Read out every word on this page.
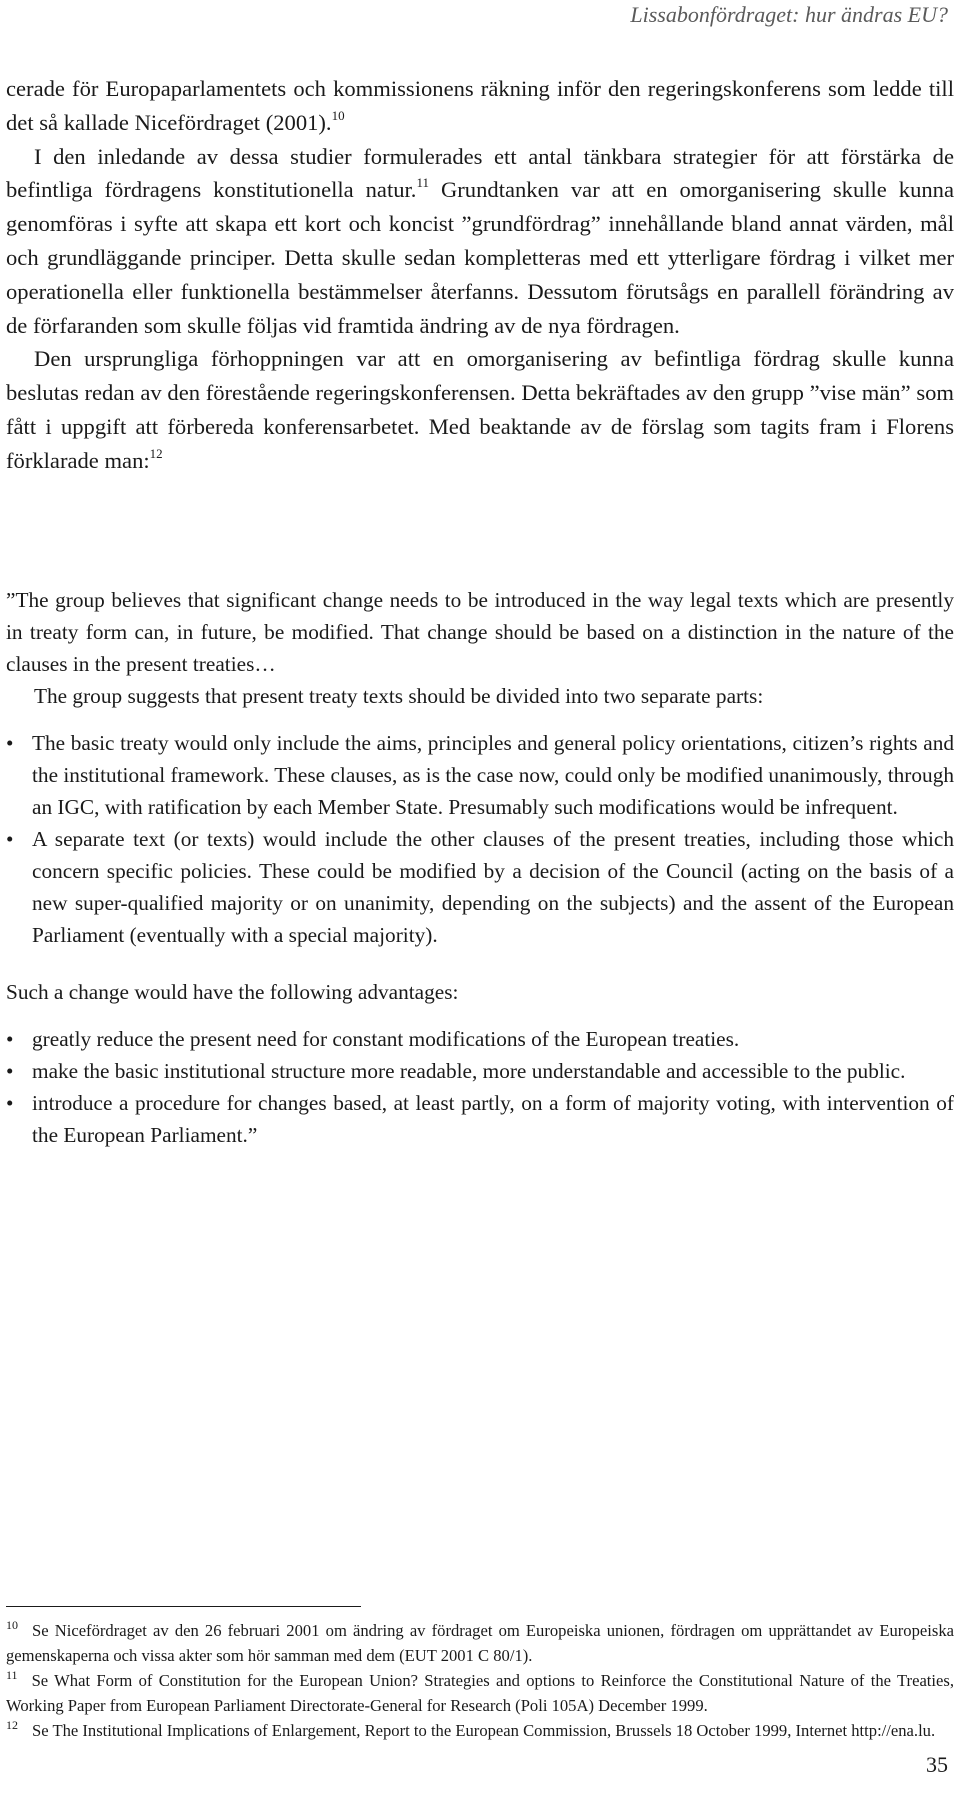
Lissabonfördraget: hur ändras EU?

cerade för Europaparlamentets och kommissionens räkning inför den regeringskonferens som ledde till det så kallade Nicefördraget (2001).$^{10}$

I den inledande av dessa studier formulerades ett antal tänkbara strategier för att förstärka de befintliga fördragens konstitutionella natur.$^{11}$ Grundtanken var att en omorganisering skulle kunna genomföras i syfte att skapa ett kort och koncist ”grundfördrag” innehållande bland annat värden, mål och grundläggande principer. Detta skulle sedan kompletteras med ett ytterligare fördrag i vilket mer operationella eller funktionella bestämmelser återfanns. Dessutom förutsågs en parallell förändring av de förfaranden som skulle följas vid framtida ändring av de nya fördragen.

Den ursprungliga förhoppningen var att en omorganisering av befintliga fördrag skulle kunna beslutas redan av den förestående regeringskonferensen. Detta bekräftades av den grupp ”vise män” som fått i uppgift att förbereda konferensarbetet. Med beaktande av de förslag som tagits fram i Florens förklarade man:$^{12}$

”The group believes that significant change needs to be introduced in the way legal texts which are presently in treaty form can, in future, be modified. That change should be based on a distinction in the nature of the clauses in the present treaties…

The group suggests that present treaty texts should be divided into two separate parts:

• The basic treaty would only include the aims, principles and general policy orientations, citizen’s rights and the institutional framework. These clauses, as is the case now, could only be modified unanimously, through an IGC, with ratification by each Member State. Presumably such modifications would be infrequent.
• A separate text (or texts) would include the other clauses of the present treaties, including those which concern specific policies. These could be modified by a decision of the Council (acting on the basis of a new super-qualified majority or on unanimity, depending on the subjects) and the assent of the European Parliament (eventually with a special majority).

Such a change would have the following advantages:

• greatly reduce the present need for constant modifications of the European treaties.
• make the basic institutional structure more readable, more understandable and accessible to the public.
• introduce a procedure for changes based, at least partly, on a form of majority voting, with intervention of the European Parliament.”

$^{10}$ Se Nicefördraget av den 26 februari 2001 om ändring av fördraget om Europeiska unionen, fördragen om upprättandet av Europeiska gemenskaperna och vissa akter som hör samman med dem (EUT 2001 C 80/1).

$^{11}$ Se What Form of Constitution for the European Union? Strategies and options to Reinforce the Constitutional Nature of the Treaties, Working Paper from European Parliament Directorate-General for Research (Poli 105A) December 1999.

$^{12}$ Se The Institutional Implications of Enlargement, Report to the European Commission, Brussels 18 October 1999, Internet http://ena.lu.

35
